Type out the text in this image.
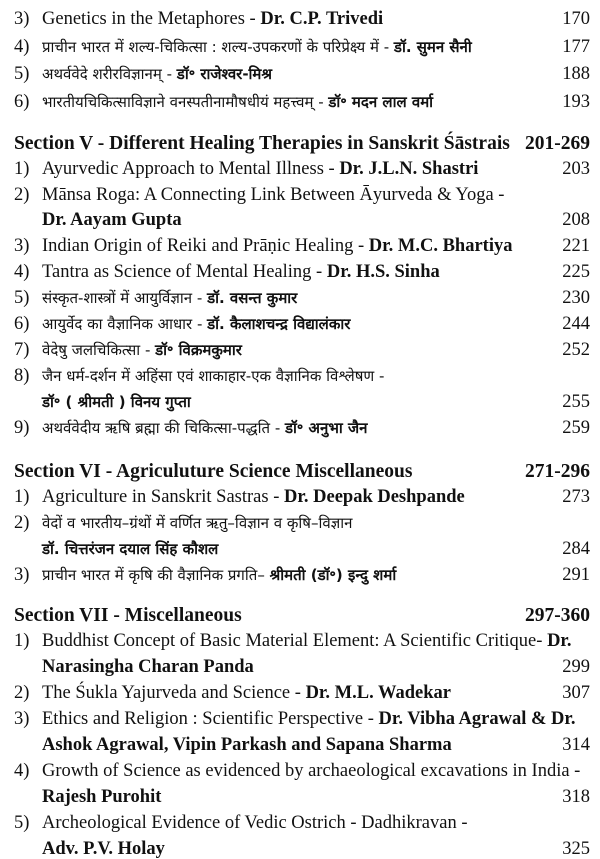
3) Genetics in the Metaphores - Dr. C.P. Trivedi	170
4) प्राचीन भारत में शल्य-चिकित्सा : शल्य-उपकरणों के परिप्रेक्ष्य में - डॉ. सुमन सैनी	177
5) अथर्ववेदे शरीरविज्ञानम् - डॉ॰ राजेश्वर-मिश्र	188
6) भारतीयचिकित्साविज्ञाने वनस्पतीनामौषधीयं महत्त्वम् - डॉ॰ मदन लाल वर्मा	193
Section V - Different Healing Therapies in Sanskrit Śāstrais 201-269
1) Ayurvedic Approach to Mental Illness - Dr. J.L.N. Shastri	203
2) Mānsa Roga: A Connecting Link Between Āyurveda & Yoga -
Dr. Aayam Gupta	208
3) Indian Origin of Reiki and Prāṇic Healing - Dr. M.C. Bhartiya	221
4) Tantra as Science of Mental Healing - Dr. H.S. Sinha	225
5) संस्कृत-शास्त्रों में आयुर्विज्ञान - डॉ. वसन्त कुमार	230
6) आयुर्वेद का वैज्ञानिक आधार - डॉ. कैलाशचन्द्र विद्यालंकार	244
7) वेदेषु जलचिकित्सा - डॉ॰ विक्रमकुमार	252
8) जैन धर्म-दर्शन में अहिंसा एवं शाकाहार-एक वैज्ञानिक विश्लेषण -
डॉ॰ ( श्रीमती ) विनय गुप्ता	255
9) अथर्ववेदीय ऋषि ब्रह्मा की चिकित्सा-पद्धति - डॉ॰ अनुभा जैन	259
Section VI - Agriculuture Science Miscellaneous	271-296
1) Agriculture in Sanskrit Sastras - Dr. Deepak Deshpande	273
2) वेदों व भारतीय–ग्रंथों में वर्णित ऋतु–विज्ञान व कृषि–विज्ञान
डॉ. चित्तरंजन दयाल सिंह कौशल	284
3) प्राचीन भारत में कृषि की वैज्ञानिक प्रगति– श्रीमती (डॉ॰) इन्दु शर्मा	291
Section VII - Miscellaneous	297-360
1) Buddhist Concept of Basic Material Element: A Scientific Critique- Dr.
Narasingha Charan Panda	299
2) The Śukla Yajurveda and Science - Dr. M.L. Wadekar	307
3) Ethics and Religion : Scientific Perspective - Dr. Vibha Agrawal & Dr.
Ashok Agrawal, Vipin Parkash and Sapana Sharma	314
4) Growth of Science as evidenced by archaeological excavations in India -
Rajesh Purohit	318
5) Archeological Evidence of Vedic Ostrich - Dadhikravan -
Adv. P.V. Holay	325
